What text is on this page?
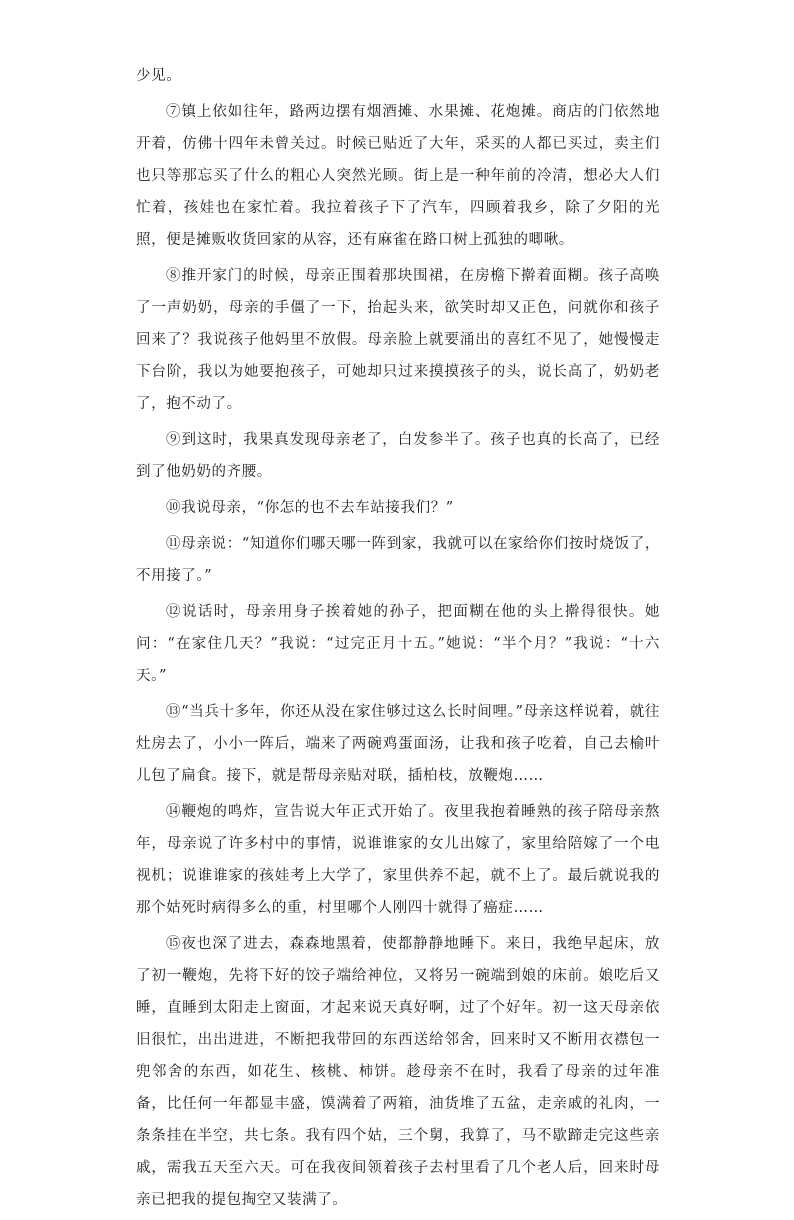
少见。

⑦镇上依如往年，路两边摆有烟酒摊、水果摊、花炮摊。商店的门依然地开着，仿佛十四年未曾关过。时候已贴近了大年，采买的人都已买过，卖主们也只等那忘买了什么的粗心人突然光顾。街上是一种年前的冷清，想必大人们忙着，孩娃也在家忙着。我拉着孩子下了汽车，四顾着我乡，除了夕阳的光照，便是摊贩收货回家的从容，还有麻雀在路口树上孤独的唧啾。

⑧推开家门的时候，母亲正围着那块围裙，在房檐下擀着面糊。孩子高唤了一声奶奶，母亲的手僵了一下，抬起头来，欲笑时却又正色，问就你和孩子回来了？我说孩子他妈里不放假。母亲脸上就要涌出的喜红不见了，她慢慢走下台阶，我以为她要抱孩子，可她却只过来摸摸孩子的头，说长高了，奶奶老了，抱不动了。

⑨到这时，我果真发现母亲老了，白发参半了。孩子也真的长高了，已经到了他奶奶的齐腰。

⑩我说母亲，“你怎的也不去车站接我们？”

⑪母亲说：“知道你们哪天哪一阵到家，我就可以在家给你们按时烧饭了，不用接了。”

⑫说话时，母亲用身子挨着她的孙子，把面糊在他的头上擀得很快。她问：“在家住几天？”我说：“过完正月十五。”她说：“半个月？”我说：“十六天。”

⑬“当兵十多年，你还从没在家住够过这么长时间哩。”母亲这样说着，就往灶房去了，小小一阵后，端来了两碗鸡蛋面汤，让我和孩子吃着，自己去榆叶儿包了扁食。接下，就是帮母亲贴对联，插柏枝，放鞭炮……

⑭鞭炮的鸣炸，宣告说大年正式开始了。夜里我抱着睡熟的孩子陪母亲熬年，母亲说了许多村中的事情，说谁谁家的女儿出嫁了，家里给陪嫁了一个电视机；说谁谁家的孩娃考上大学了，家里供养不起，就不上了。最后就说我的那个姑死时病得多么的重，村里哪个人刚四十就得了癌症……

⑮夜也深了进去，森森地黑着，使都静静地睡下。来日，我绝早起床，放了初一鞭炮，先将下好的饺子端给神位，又将另一碗端到娘的床前。娘吃后又睡，直睡到太阳走上窗面，才起来说天真好啊，过了个好年。初一这天母亲依旧很忙，出出进进，不断把我带回的东西送给邻舍，回来时又不断用衣襟包一兜邻舍的东西，如花生、核桃、柿饼。趁母亲不在时，我看了母亲的过年准备，比任何一年都显丰盛，馍满着了两箱，油货堆了五盆，走亲戚的礼肉，一条条挂在半空，共七条。我有四个姑，三个舅，我算了，马不歇蹄走完这些亲戚，需我五天至六天。可在我夜间领着孩子去村里看了几个老人后，回来时母亲已把我的提包掏空又装满了。
